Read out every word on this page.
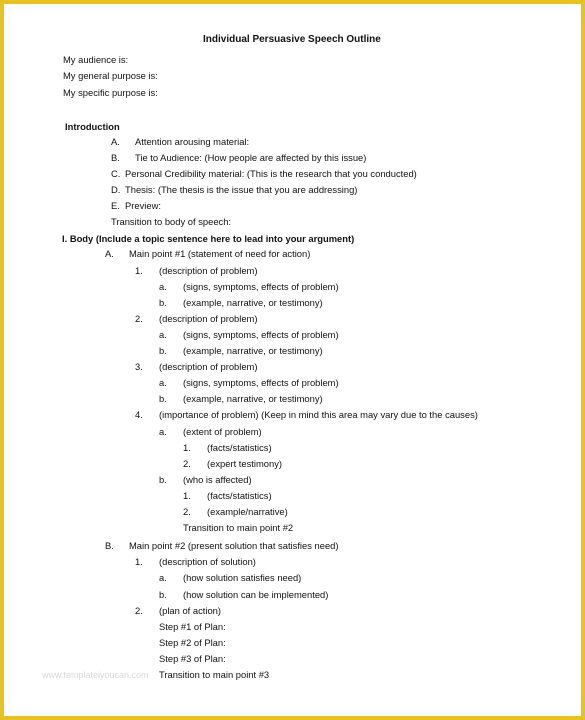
Individual Persuasive Speech Outline
My audience is:
My general purpose is:
My specific purpose is:
Introduction
A. Attention arousing material:
B. Tie to Audience: (How people are affected by this issue)
C. Personal Credibility material: (This is the research that you conducted)
D. Thesis: (The thesis is the issue that you are addressing)
E. Preview:
Transition to body of speech:
I. Body (Include a topic sentence here to lead into your argument)
A. Main point #1 (statement of need for action)
1. (description of problem)
a. (signs, symptoms, effects of problem)
b. (example, narrative, or testimony)
2. (description of problem)
a. (signs, symptoms, effects of problem)
b. (example, narrative, or testimony)
3. (description of problem)
a. (signs, symptoms, effects of problem)
b. (example, narrative, or testimony)
4. (importance of problem) (Keep in mind this area may vary due to the causes)
a. (extent of problem)
1. (facts/statistics)
2. (expert testimony)
b. (who is affected)
1. (facts/statistics)
2. (example/narrative)
Transition to main point #2
B. Main point #2 (present solution that satisfies need)
1. (description of solution)
a. (how solution satisfies need)
b. (how solution can be implemented)
2. (plan of action)
Step #1 of Plan:
Step #2 of Plan:
Step #3 of Plan:
www.templateiyoucan.com Transition to main point #3
